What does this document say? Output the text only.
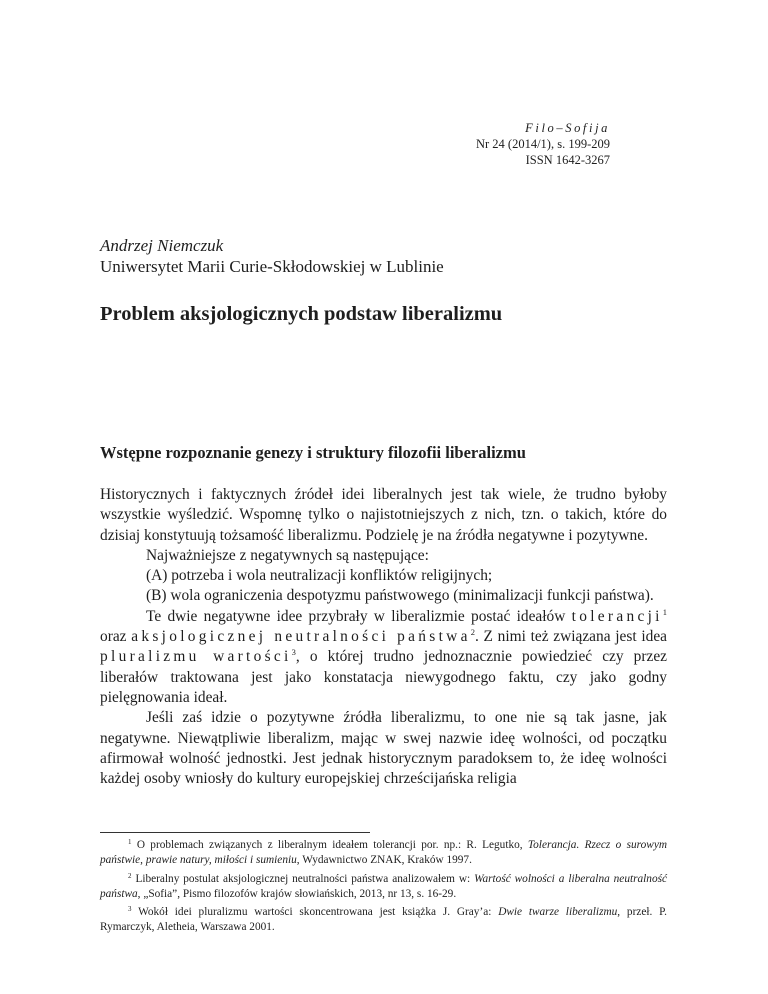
Filo–Sofija
Nr 24 (2014/1), s. 199-209
ISSN 1642-3267
Andrzej Niemczuk
Uniwersytet Marii Curie-Skłodowskiej w Lublinie
Problem aksjologicznych podstaw liberalizmu
Wstępne rozpoznanie genezy i struktury filozofii liberalizmu

Historycznych i faktycznych źródeł idei liberalnych jest tak wiele, że trudno byłoby wszystkie wyśledzić. Wspomnę tylko o najistotniejszych z nich, tzn. o takich, które do dzisiaj konstytuują tożsamość liberalizmu. Podzielę je na źródła negatywne i pozytywne.

Najważniejsze z negatywnych są następujące:

(A) potrzeba i wola neutralizacji konfliktów religijnych;

(B) wola ograniczenia despotyzmu państwowego (minimalizacji funkcji państwa).

Te dwie negatywne idee przybrały w liberalizmie postać ideałów tolerancji$^1$ oraz aksjologicznej neutralności państwa$^2$. Z nimi też związana jest idea pluralizmu wartości$^3$, o której trudno jednoznacznie powiedzieć czy przez liberałów traktowana jest jako konstatacja niewygodnego faktu, czy jako godny pielęgnowania ideał.

Jeśli zaś idzie o pozytywne źródła liberalizmu, to one nie są tak jasne, jak negatywne. Niewątpliwie liberalizm, mając w swej nazwie ideę wolności, od początku afirmował wolność jednostki. Jest jednak historycznym paradoksem to, że ideę wolności każdej osoby wniosły do kultury europejskiej chrześcijańska religia

$^1$ O problemach związanych z liberalnym ideałem tolerancji por. np.: R. Legutko, Tolerancja. Rzecz o surowym państwie, prawie natury, miłości i sumieniu, Wydawnictwo ZNAK, Kraków 1997.

$^2$ Liberalny postulat aksjologicznej neutralności państwa analizowałem w: Wartość wolności a liberalna neutralność państwa, „Sofia”, Pismo filozofów krajów słowiańskich, 2013, nr 13, s. 16-29.

$^3$ Wokół idei pluralizmu wartości skoncentrowana jest książka J. Gray’a: Dwie twarze liberalizmu, przeł. P. Rymarczyk, Aletheia, Warszawa 2001.
